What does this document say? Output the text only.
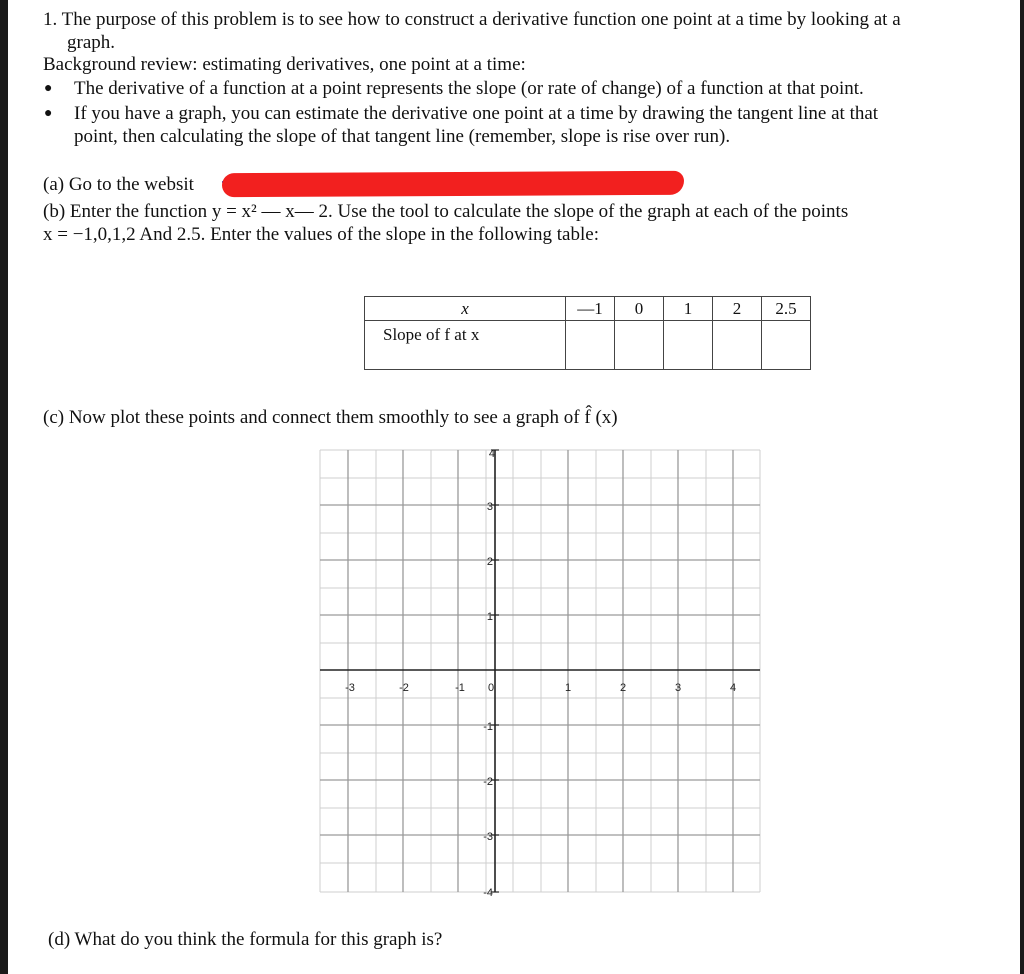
1. The purpose of this problem is to see how to construct a derivative function one point at a time by looking at a
graph.
Background review: estimating derivatives, one point at a time:
● The derivative of a function at a point represents the slope (or rate of change) of a function at that point.
● If you have a graph, you can estimate the derivative one point at a time by drawing the tangent line at that
point, then calculating the slope of that tangent line (remember, slope is rise over run).
(a) Go to the websit
(b) Enter the function y = x² — x— 2. Use the tool to calculate the slope of the graph at each of the points
x = −1,0,1,2 And 2.5. Enter the values of the slope in the following table:
x	—1	0	1	2	2.5
Slope of f at x					
(c) Now plot these points and connect them smoothly to see a graph of f̂ (x)
-3	-2	-1 0	1	2	3	4
4
3
2
1
-1
-2
-3
-4
(d) What do you think the formula for this graph is?
